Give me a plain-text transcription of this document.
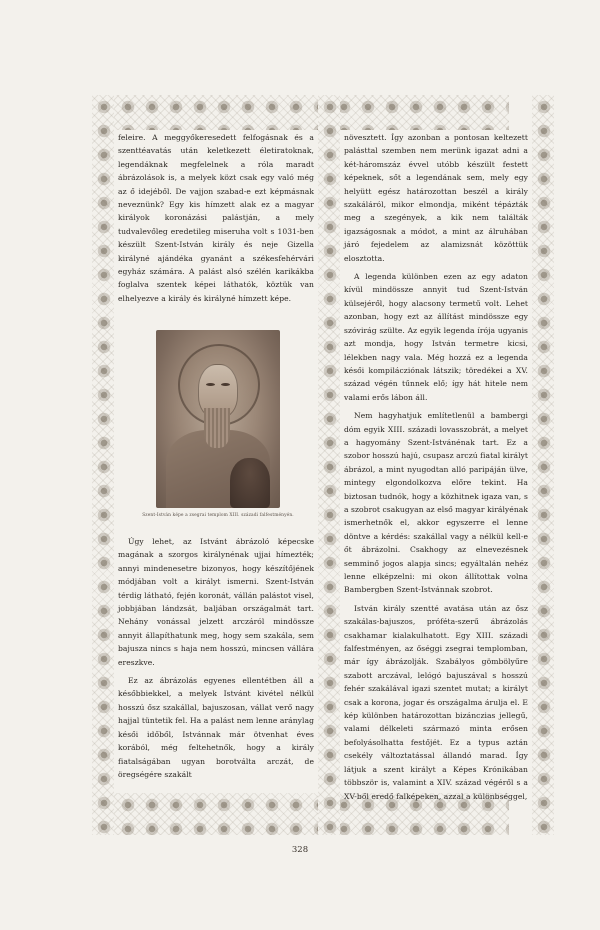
feleire. A meggyőkeresedett felfogásnak és a szenttéavatás után keletkezett életiratoknak, legendáknak megfelelnek a róla maradt ábrázolások is, a melyek közt csak egy való még az ő idejéből. De vajjon szabad-e ezt képmásnak neveznünk? Egy kis hímzett alak ez a magyar királyok koronázási palástján, a mely tudvalevőleg eredetileg miseruha volt s 1031-ben készült Szent-István király és neje Gizella királyné ajándéka gyanánt a székesfehérvári egyház számára. A palást alsó szélén karikákba foglalva szentek képei láthatók, köztük van elhelyezve a király és királyné hímzett képe.

Szent-István képe a zsegrai templom XIII. századi falfestményén.

Úgy lehet, az Istvánt ábrázoló képecske magának a szorgos királynénak ujjai hímezték; annyi mindenesetre bizonyos, hogy készítőjének módjában volt a királyt ismerni. Szent-István térdig látható, fején koronát, vállán palástot visel, jobbjában lándzsát, baljában országalmát tart. Nehány vonással jelzett arczáról mindössze annyit állapíthatunk meg, hogy sem szakála, sem bajusza nincs s haja nem hosszú, mincsen vállára ereszkve.

Ez az ábrázolás egyenes ellentétben áll a későbbiekkel, a melyek Istvánt kivétel nélkül hosszú ősz szakállal, bajuszosan, vállat verő nagy hajjal tüntetik fel. Ha a palást nem lenne aránylag késői időből, Istvánnak már ötvenhat éves korából, még feltehetnők, hogy a király fiatalságában ugyan borotválta arczát, de öregségére szakált

növesztett. Így azonban a pontosan keltezett palásttal szemben nem merünk igazat adni a két-háromszáz évvel utóbb készült festett képeknek, sőt a legendának sem, mely egy helyütt egész határozottan beszél a király szakáláról, mikor elmondja, miként tépázták meg a szegények, a kik nem találták igazságosnak a módot, a mint az álruhában járó fejedelem az alamizsnát közöttük elosztotta.

A legenda különben ezen az egy adaton kívül mindössze annyit tud Szent-István külsejéről, hogy alacsony termetű volt. Lehet azonban, hogy ezt az állítást mindössze egy szóvirág szülte. Az egyik legenda írója ugyanis azt mondja, hogy István termetre kicsi, lélekben nagy vala. Még hozzá ez a legenda késői kompilácziónak látszik; töredékei a XV. század végén tűnnek elő; így hát hitele nem valami erős lábon áll.

Nem hagyhatjuk említetlenül a bambergi dóm egyik XIII. századi lovasszobrát, a melyet a hagyomány Szent-Istvánénak tart. Ez a szobor hosszú hajú, csupasz arczú fiatal királyt ábrázol, a mint nyugodtan alló paripáján ülve, mintegy elgondolkozva előre tekint. Ha biztosan tudnók, hogy a közhitnek igaza van, s a szobrot csakugyan az első magyar királyénak ismerhetnők el, akkor egyszerre el lenne döntve a kérdés: szakállal vagy a nélkül kell-e őt ábrázolni. Csakhogy az elnevezésnek semminő jogos alapja sincs; egyáltalán nehéz lenne elképzelni: mi okon állítottak volna Bambergben Szent-Istvánnak szobrot.

István király szentté avatása után az ősz szakálas-bajuszos, próféta-szerű ábrázolás csakhamar kialakulhatott. Egy XIII. századi falfestményen, az őséggi zsegrai templomban, már így ábrázolják. Szabályos gömbölyűre szabott arczával, lelógó bajuszával s hosszú fehér szakálával igazi szentet mutat; a királyt csak a korona, jogar és országalma árulja el. E kép különben határozottan bizánczias jellegű, valami délkeleti származó minta erősen befolyásolhatta festőjét. Ez a typus aztán csekély változtatással állandó marad. Így látjuk a szent királyt a Képes Krónikában többször is, valamint a XIV. század végéről s a XV-ből eredő falképeken, azzal a különbséggel,

328
